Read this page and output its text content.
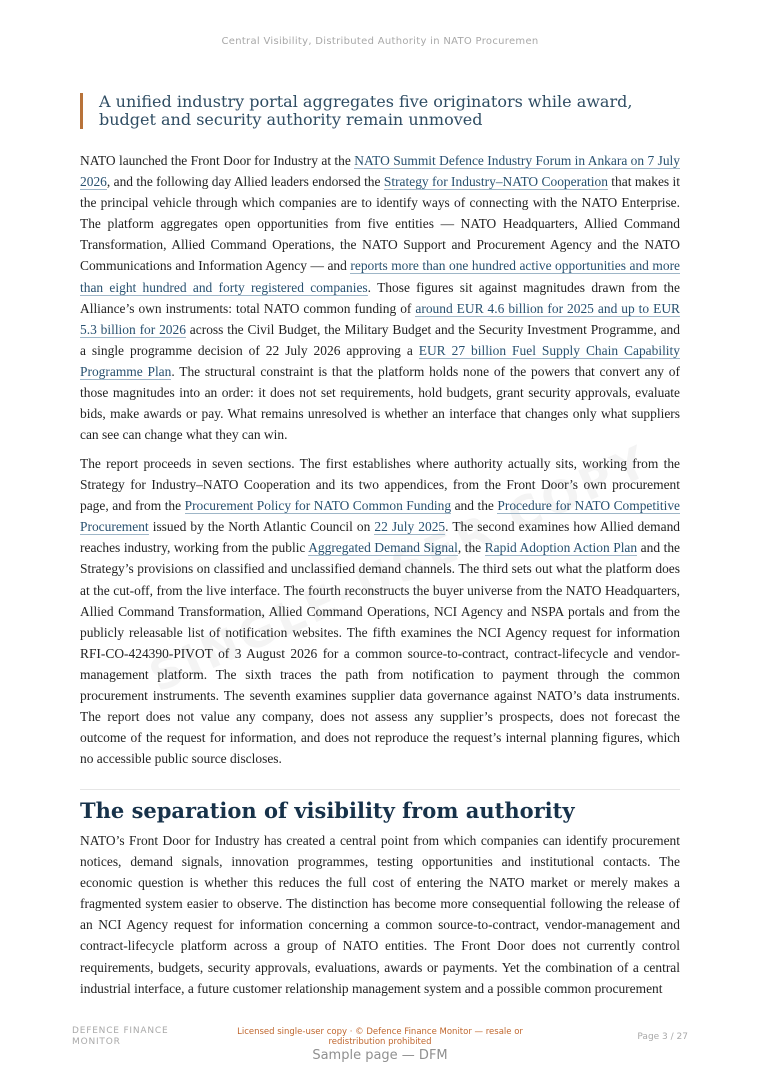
Central Visibility, Distributed Authority in NATO Procuremen
A unified industry portal aggregates five originators while award, budget and security authority remain unmoved

NATO launched the Front Door for Industry at the NATO Summit Defence Industry Forum in Ankara on 7 July 2026, and the following day Allied leaders endorsed the Strategy for Industry–NATO Cooperation that makes it the principal vehicle through which companies are to identify ways of connecting with the NATO Enterprise. The platform aggregates open opportunities from five entities — NATO Headquarters, Allied Command Transformation, Allied Command Operations, the NATO Support and Procurement Agency and the NATO Communications and Information Agency — and reports more than one hundred active opportunities and more than eight hundred and forty registered companies. Those figures sit against magnitudes drawn from the Alliance’s own instruments: total NATO common funding of around EUR 4.6 billion for 2025 and up to EUR 5.3 billion for 2026 across the Civil Budget, the Military Budget and the Security Investment Programme, and a single programme decision of 22 July 2026 approving a EUR 27 billion Fuel Supply Chain Capability Programme Plan. The structural constraint is that the platform holds none of the powers that convert any of those magnitudes into an order: it does not set requirements, hold budgets, grant security approvals, evaluate bids, make awards or pay. What remains unresolved is whether an interface that changes only what suppliers can see can change what they can win.

The report proceeds in seven sections. The first establishes where authority actually sits, working from the Strategy for Industry–NATO Cooperation and its two appendices, from the Front Door’s own procurement page, and from the Procurement Policy for NATO Common Funding and the Procedure for NATO Competitive Procurement issued by the North Atlantic Council on 22 July 2025. The second examines how Allied demand reaches industry, working from the public Aggregated Demand Signal, the Rapid Adoption Action Plan and the Strategy’s provisions on classified and unclassified demand channels. The third sets out what the platform does at the cut-off, from the live interface. The fourth reconstructs the buyer universe from the NATO Headquarters, Allied Command Transformation, Allied Command Operations, NCI Agency and NSPA portals and from the publicly releasable list of notification websites. The fifth examines the NCI Agency request for information RFI-CO-424390-PIVOT of 3 August 2026 for a common source-to-contract, contract-lifecycle and vendor-management platform. The sixth traces the path from notification to payment through the common procurement instruments. The seventh examines supplier data governance against NATO’s data instruments. The report does not value any company, does not assess any supplier’s prospects, does not forecast the outcome of the request for information, and does not reproduce the request’s internal planning figures, which no accessible public source discloses.

The separation of visibility from authority

NATO’s Front Door for Industry has created a central point from which companies can identify procurement notices, demand signals, innovation programmes, testing opportunities and institutional contacts. The economic question is whether this reduces the full cost of entering the NATO market or merely makes a fragmented system easier to observe. The distinction has become more consequential following the release of an NCI Agency request for information concerning a common source-to-contract, vendor-management and contract-lifecycle platform across a group of NATO entities. The Front Door does not currently control requirements, budgets, security approvals, evaluations, awards or payments. Yet the combination of a central industrial interface, a future customer relationship management system and a possible common procurement

DEFENCE FINANCE MONITOR
Licensed single-user copy · © Defence Finance Monitor — resale or redistribution prohibited	Page 3 / 27
Sample page — DFM
